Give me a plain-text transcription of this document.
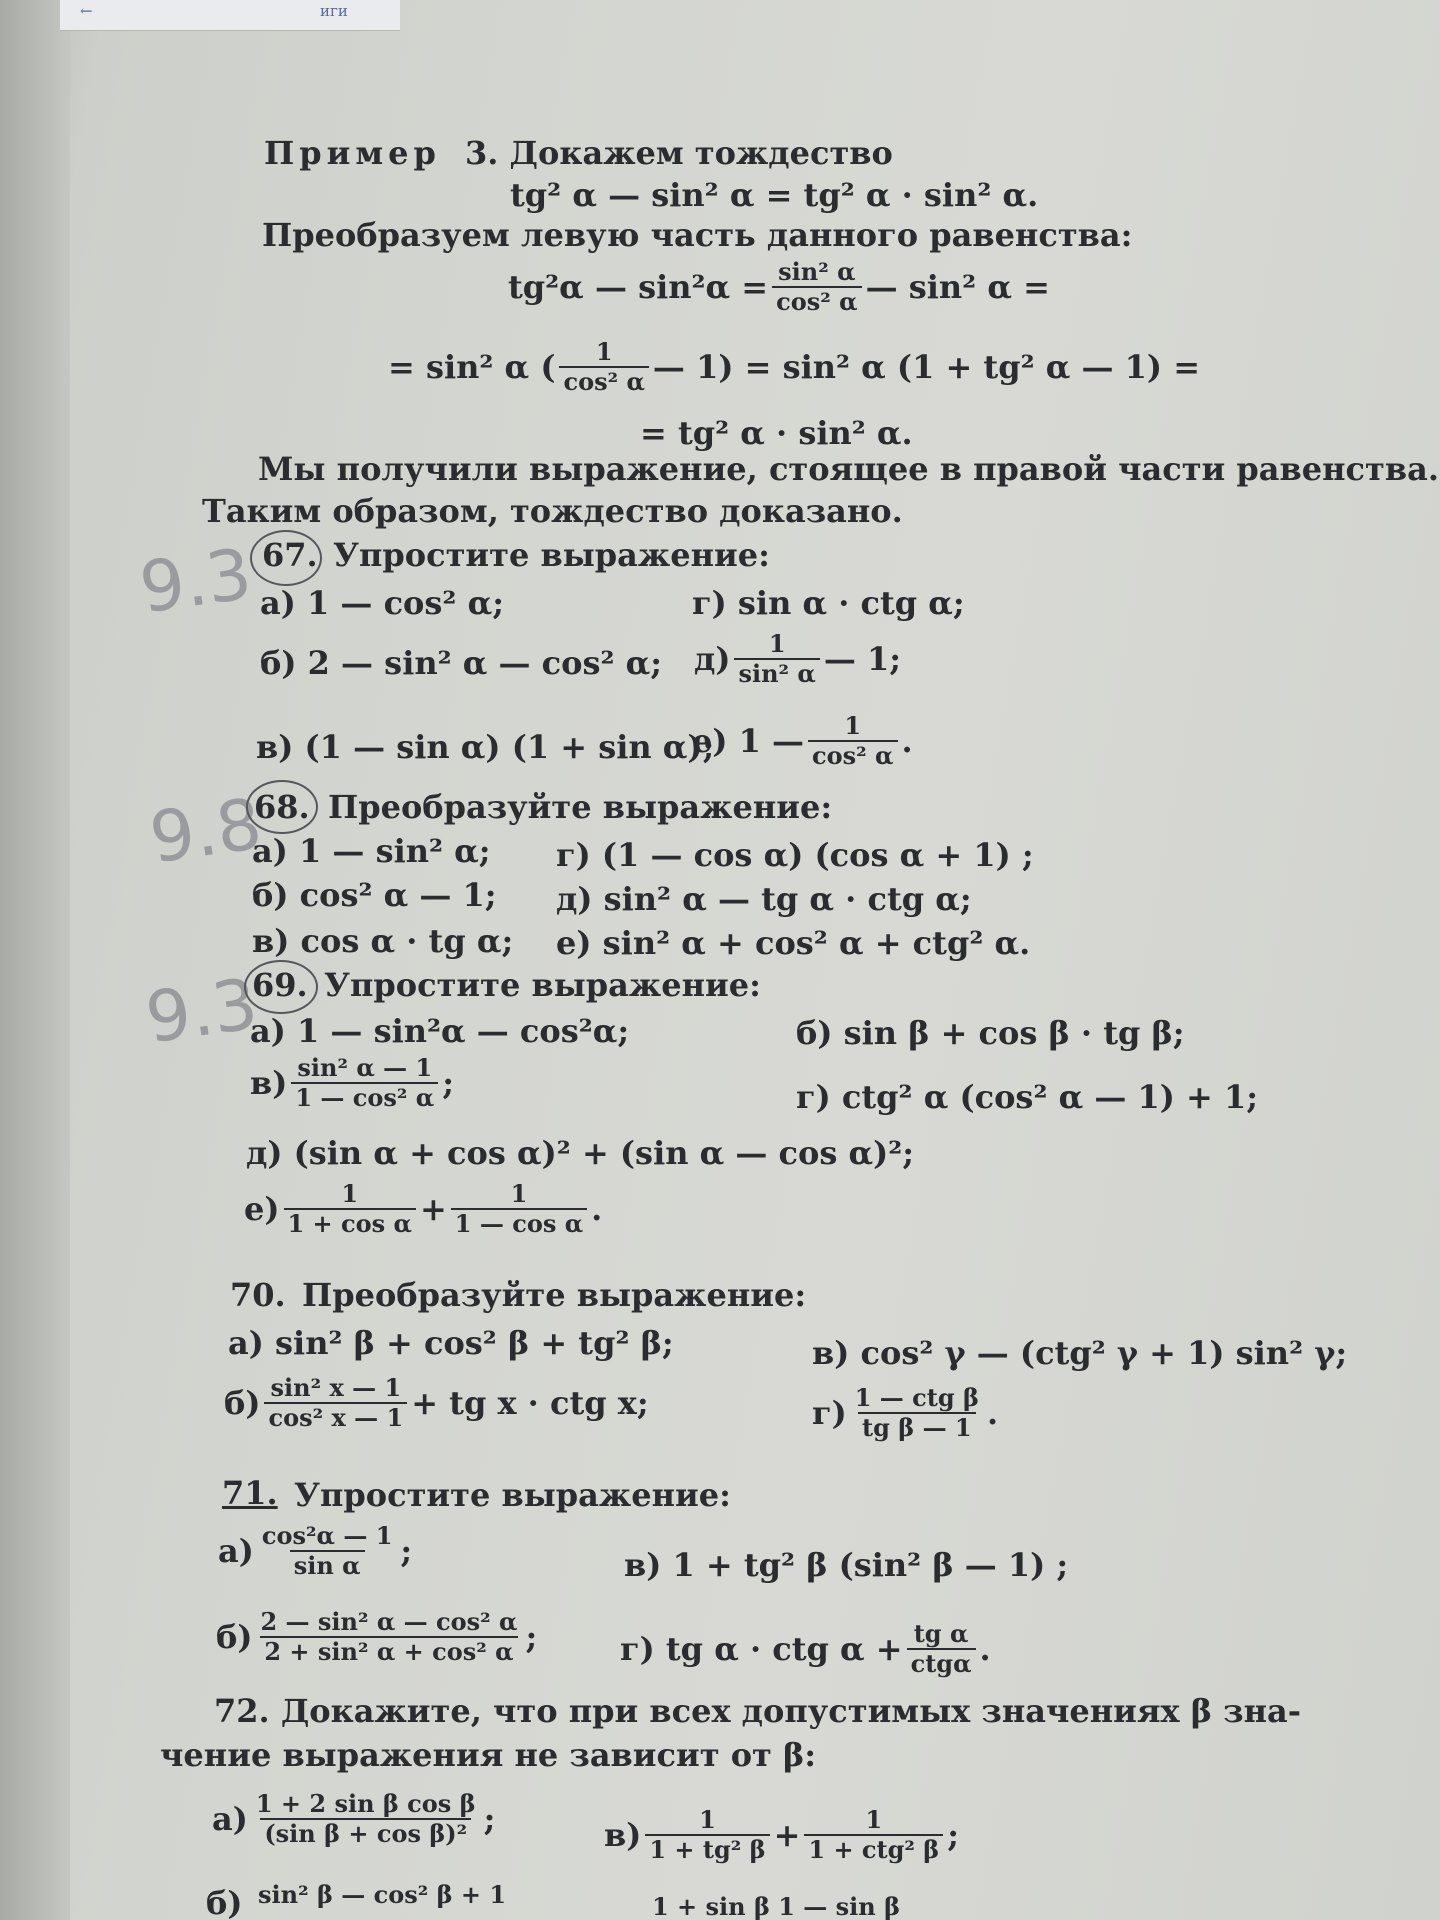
←	иги
Пример 3. Докажем тождество
tg² α — sin² α = tg² α · sin² α.
Преобразуем левую часть данного равенства:
tg²α — $\sin^2\alpha = \frac{\text{sin² α}}{\text{cos² α}}$ — sin² α =
= sin² α ( $\frac{1}{\text{cos² α}}$ — 1) = sin² α (1 + tg² α — 1) =
= tg² α · sin² α.
Мы получили выражение, стоящее в правой части равенства.
Таким образом, тождество доказано.
9.3 67. Упростите выражение:
а) 1 — cos² α;	г) sin α · ctg α;
б) 2 — sin² α — cos² α; $д) \frac{1}{\text{sin² α}}$ — 1;
в) (1 — sin α) (1 + sin α);
е) 1 — $\frac{1}{\text{cos² α}}$ .
9.8
68. Преобразуйте выражение:
а) 1 — sin² α; г) (1 — cos α) (cos α + 1) ;
б) cos² α — 1; д) sin² α — tg α · ctg α;
в) cos α · tg α; е) sin² α + cos² α + ctg² α.
9.3
69. Упростите выражение:
а) 1 — sin²α — cos²α;	б) sin β + cos β · tg β;
$в) \frac{\text{sin² α — 1}}{\text{1 — cos² α}}$ ;	г) ctg² α (cos² α — 1) + 1;
д) (sin α + cos α)² + (sin α — cos α)²;
$е) \frac{1}{\text{1 + cos α}} + \frac{1}{\text{1 — cos α}}$ .
70. Преобразуйте выражение:
а) sin² β + cos² β + tg² β;	в) cos² γ — (ctg² γ + 1) sin² γ;
$б) \frac{\text{sin² x — 1}}{\text{cos² x — 1}}$ + tg x · ctg x;	$г) \frac{\text{1 — ctg β}}{\text{tg β — 1}}$ .
71. Упростите выражение:
$а) \frac{\text{cos²α — 1}}{\text{sin α}}$ ;	в) 1 + tg² β (sin² β — 1) ;
$б) \frac{\text{2 — sin² α — cos² α}}{\text{2 + sin² α + cos² α}}$ ;	г) tg α · ctg $\alpha + \frac{\text{tg α}}{\text{ctgα}}$ .
72. Докажите, что при всех допустимых значениях β зна-
чение выражения не зависит от β:
$а) \frac{\text{1 + 2 sin β cos β}}{\text{(sin β + cos β)²}}$ ;	$в) \frac{1}{\text{1 + tg² β}} + \frac{1}{\text{1 + ctg² β}}$ ;
б) sin² β — cos² β + 1	1 + sin β 1 — sin β
